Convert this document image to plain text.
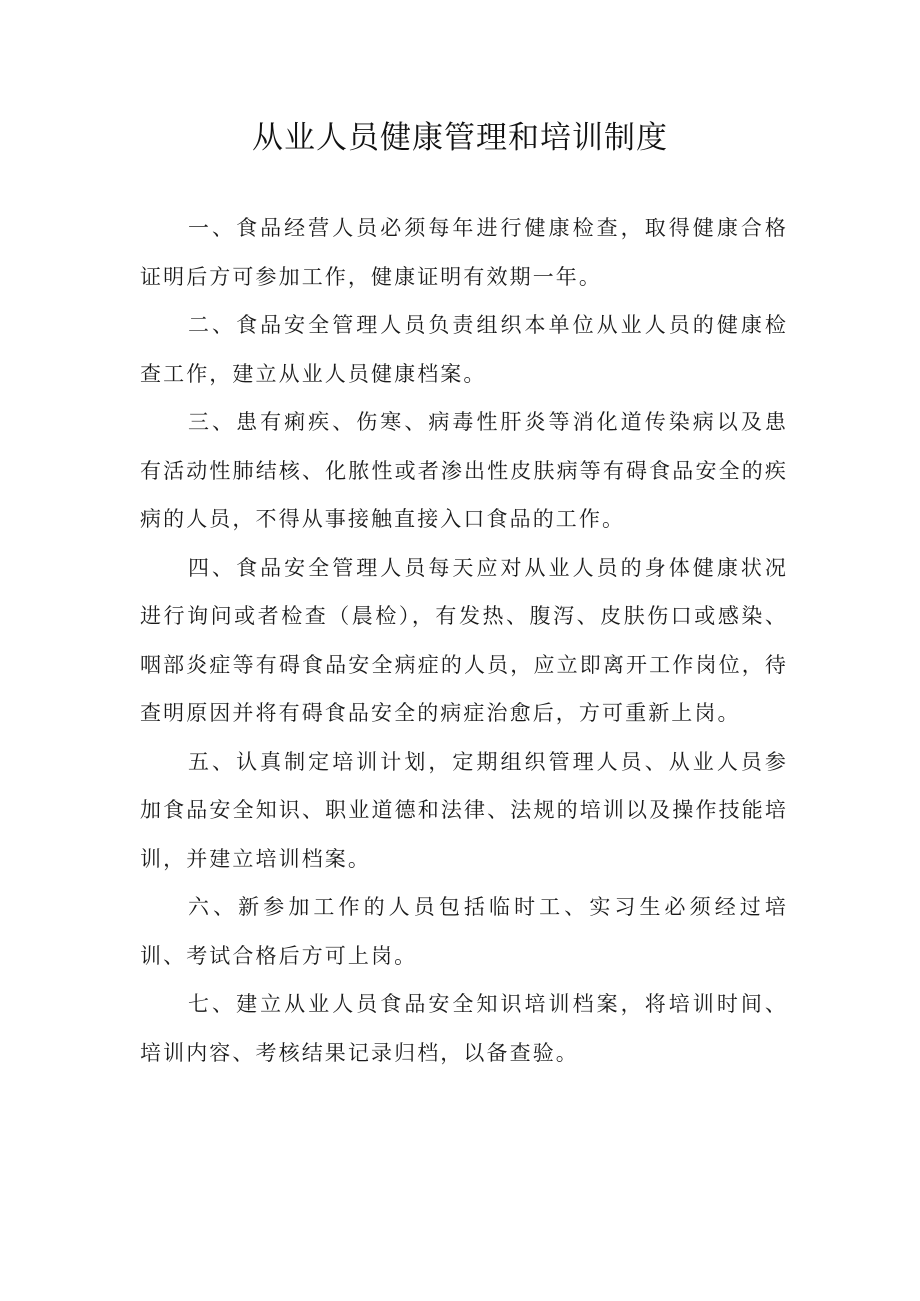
从业人员健康管理和培训制度

一、食品经营人员必须每年进行健康检查，取得健康合格证明后方可参加工作，健康证明有效期一年。

二、食品安全管理人员负责组织本单位从业人员的健康检查工作，建立从业人员健康档案。

三、患有痢疾、伤寒、病毒性肝炎等消化道传染病以及患有活动性肺结核、化脓性或者渗出性皮肤病等有碍食品安全的疾病的人员，不得从事接触直接入口食品的工作。

四、食品安全管理人员每天应对从业人员的身体健康状况进行询问或者检查（晨检），有发热、腹泻、皮肤伤口或感染、咽部炎症等有碍食品安全病症的人员，应立即离开工作岗位，待查明原因并将有碍食品安全的病症治愈后，方可重新上岗。

五、认真制定培训计划，定期组织管理人员、从业人员参加食品安全知识、职业道德和法律、法规的培训以及操作技能培训，并建立培训档案。

六、新参加工作的人员包括临时工、实习生必须经过培训、考试合格后方可上岗。

七、建立从业人员食品安全知识培训档案，将培训时间、培训内容、考核结果记录归档，以备查验。
